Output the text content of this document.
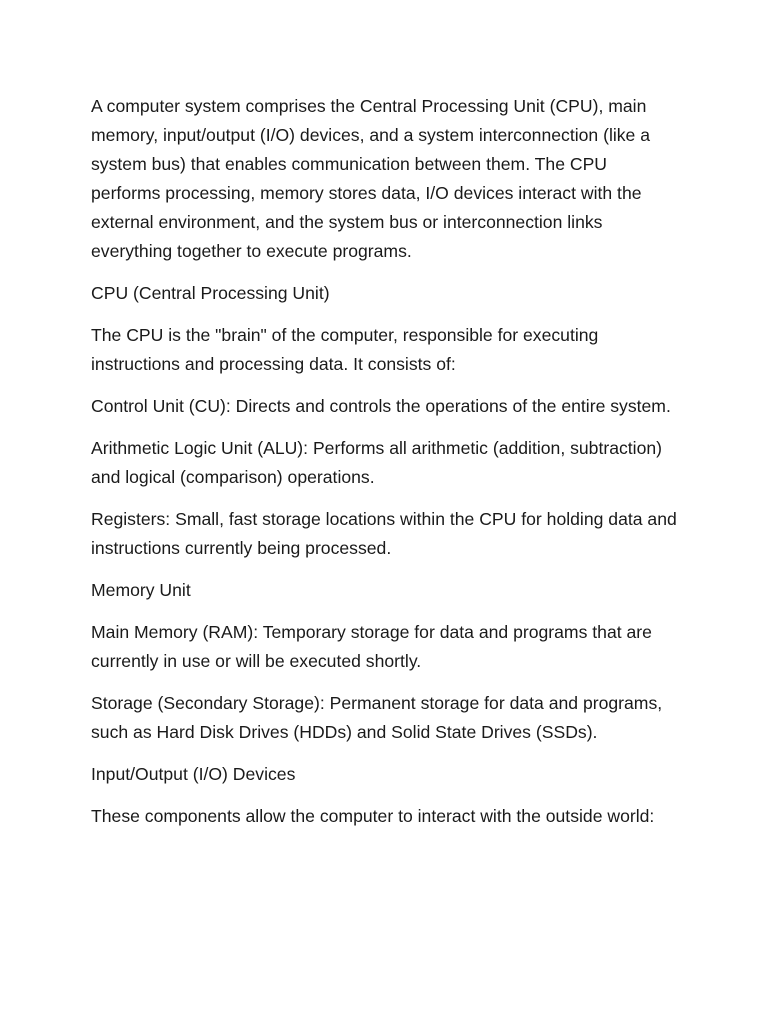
A computer system comprises the Central Processing Unit (CPU), main memory, input/output (I/O) devices, and a system interconnection (like a system bus) that enables communication between them. The CPU performs processing, memory stores data, I/O devices interact with the external environment, and the system bus or interconnection links everything together to execute programs.

CPU (Central Processing Unit)

The CPU is the "brain" of the computer, responsible for executing instructions and processing data. It consists of:

Control Unit (CU): Directs and controls the operations of the entire system.

Arithmetic Logic Unit (ALU): Performs all arithmetic (addition, subtraction) and logical (comparison) operations.

Registers: Small, fast storage locations within the CPU for holding data and instructions currently being processed.

Memory Unit

Main Memory (RAM): Temporary storage for data and programs that are currently in use or will be executed shortly.

Storage (Secondary Storage): Permanent storage for data and programs, such as Hard Disk Drives (HDDs) and Solid State Drives (SSDs).

Input/Output (I/O) Devices

These components allow the computer to interact with the outside world:
